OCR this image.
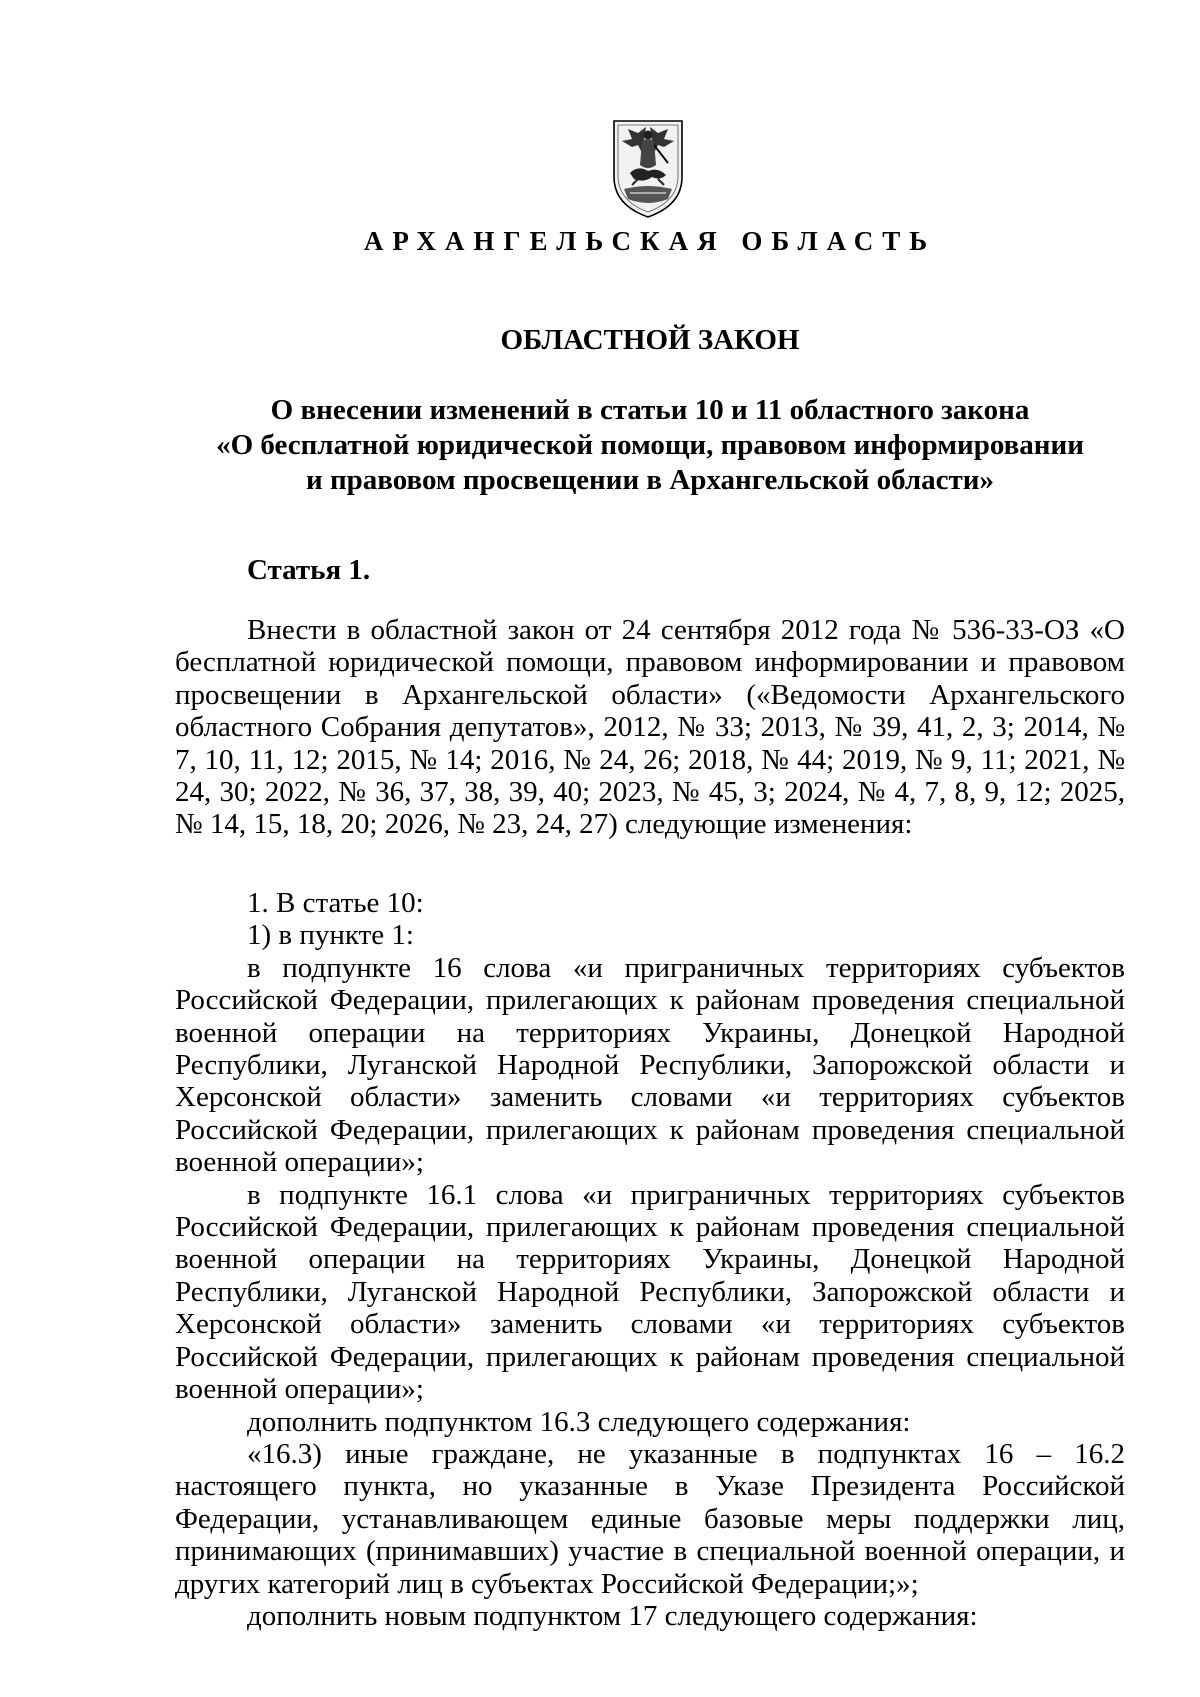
АРХАНГЕЛЬСКАЯ ОБЛАСТЬ
ОБЛАСТНОЙ ЗАКОН
О внесении изменений в статьи 10 и 11 областного закона
«О бесплатной юридической помощи, правовом информировании
и правовом просвещении в Архангельской области»
Статья 1.

Внести в областной закон от 24 сентября 2012 года № 536-33-ОЗ «О бесплатной юридической помощи, правовом информировании и правовом просвещении в Архангельской области» («Ведомости Архангельского областного Собрания депутатов», 2012, № 33; 2013, № 39, 41, 2, 3; 2014, № 7, 10, 11, 12; 2015, № 14; 2016, № 24, 26; 2018, № 44; 2019, № 9, 11; 2021, № 24, 30; 2022, № 36, 37, 38, 39, 40; 2023, № 45, 3; 2024, № 4, 7, 8, 9, 12; 2025, № 14, 15, 18, 20; 2026, № 23, 24, 27) следующие изменения:

1. В статье 10:

1) в пункте 1:

в подпункте 16 слова «и приграничных территориях субъектов Российской Федерации, прилегающих к районам проведения специальной военной операции на территориях Украины, Донецкой Народной Республики, Луганской Народной Республики, Запорожской области и Херсонской области» заменить словами «и территориях субъектов Российской Федерации, прилегающих к районам проведения специальной военной операции»;

в подпункте 16.1 слова «и приграничных территориях субъектов Российской Федерации, прилегающих к районам проведения специальной военной операции на территориях Украины, Донецкой Народной Республики, Луганской Народной Республики, Запорожской области и Херсонской области» заменить словами «и территориях субъектов Российской Федерации, прилегающих к районам проведения специальной военной операции»;

дополнить подпунктом 16.3 следующего содержания:

«16.3) иные граждане, не указанные в подпунктах 16 – 16.2 настоящего пункта, но указанные в Указе Президента Российской Федерации, устанавливающем единые базовые меры поддержки лиц, принимающих (принимавших) участие в специальной военной операции, и других категорий лиц в субъектах Российской Федерации;»;

дополнить новым подпунктом 17 следующего содержания:
